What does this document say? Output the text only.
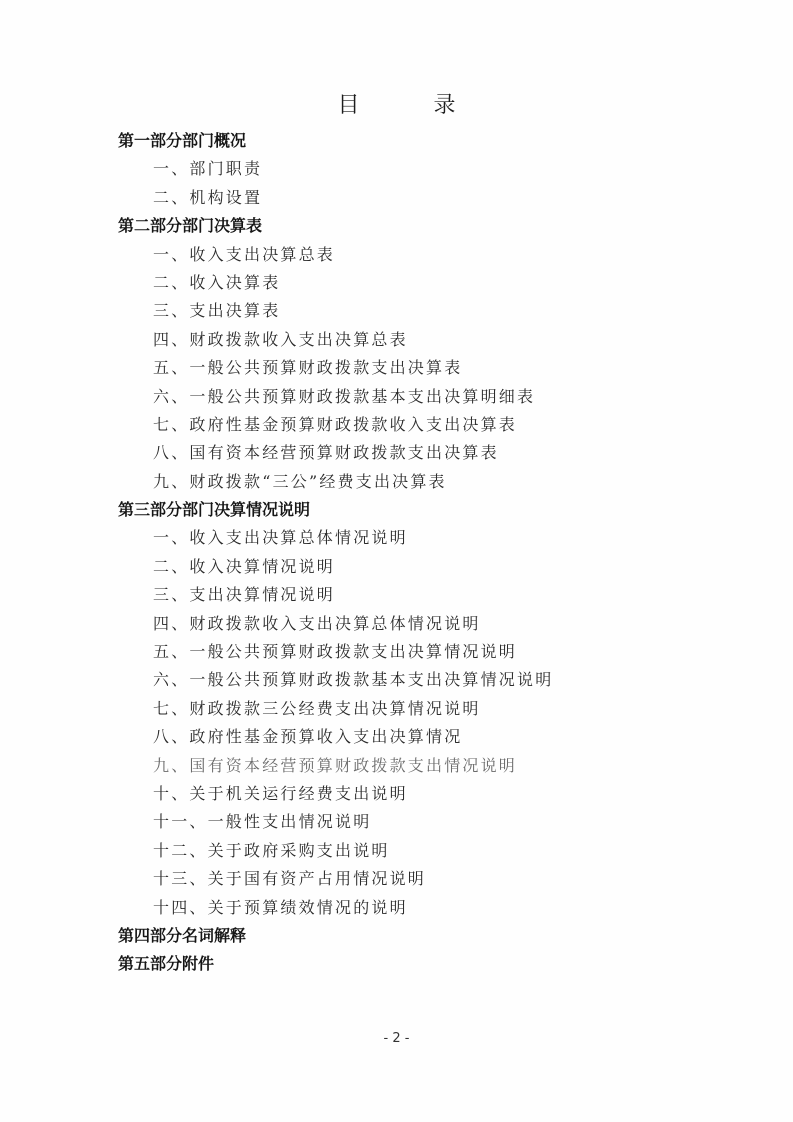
目　录
第一部分部门概况
一、部门职责
二、机构设置
第二部分部门决算表
一、收入支出决算总表
二、收入决算表
三、支出决算表
四、财政拨款收入支出决算总表
五、一般公共预算财政拨款支出决算表
六、一般公共预算财政拨款基本支出决算明细表
七、政府性基金预算财政拨款收入支出决算表
八、国有资本经营预算财政拨款支出决算表
九、财政拨款“三公”经费支出决算表
第三部分部门决算情况说明
一、收入支出决算总体情况说明
二、收入决算情况说明
三、支出决算情况说明
四、财政拨款收入支出决算总体情况说明
五、一般公共预算财政拨款支出决算情况说明
六、一般公共预算财政拨款基本支出决算情况说明
七、财政拨款三公经费支出决算情况说明
八、政府性基金预算收入支出决算情况
九、国有资本经营预算财政拨款支出情况说明
十、关于机关运行经费支出说明
十一、一般性支出情况说明
十二、关于政府采购支出说明
十三、关于国有资产占用情况说明
十四、关于预算绩效情况的说明
第四部分名词解释
第五部分附件
- 2 -
